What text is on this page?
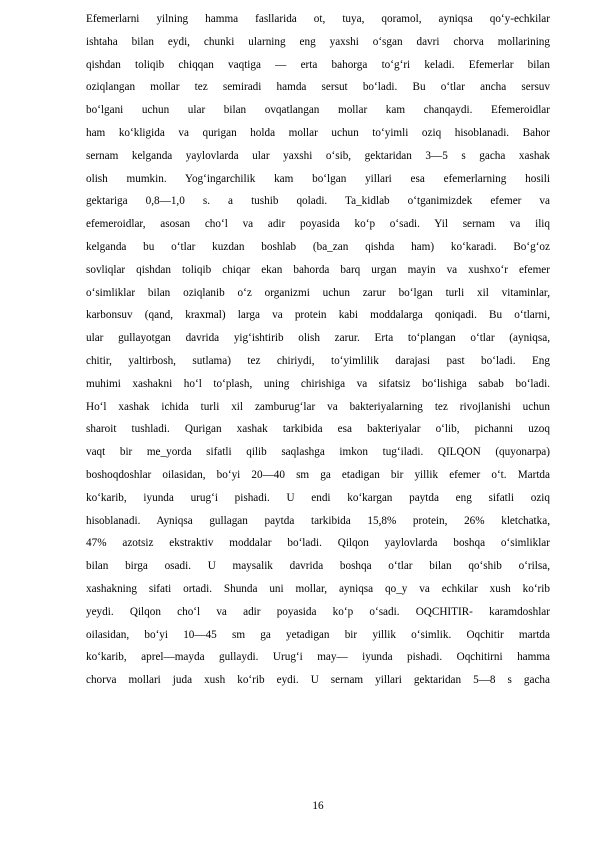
Efemerlarni yilning hamma fasllarida ot, tuya, qoramol, ayniqsa qo‘y-echkilar
ishtaha bilan eydi, chunki ularning eng yaxshi o‘sgan davri chorva mollarining
qishdan toliqib chiqqan vaqtiga — erta bahorga to‘g‘ri keladi. Efemerlar bilan
oziqlangan mollar tez semiradi hamda sersut bo‘ladi. Bu o‘tlar ancha sersuv
bo‘lgani uchun ular bilan ovqatlangan mollar kam chanqaydi. Efemeroidlar
ham ko‘kligida va qurigan holda mollar uchun to‘yimli oziq hisoblanadi. Bahor
sernam kelganda yaylovlarda ular yaxshi o‘sib, gektaridan 3—5 s gacha xashak
olish mumkin. Yog‘ingarchilik kam bo‘lgan yillari esa efemerlarning hosili
gektariga 0,8—1,0 s. a tushib qoladi. Ta_kidlab o‘tganimizdek efemer va
efemeroidlar, asosan cho‘l va adir poyasida ko‘p o‘sadi. Yil sernam va iliq
kelganda bu o‘tlar kuzdan boshlab (ba_zan qishda ham) ko‘karadi. Bo‘g‘oz
sovliqlar qishdan toliqib chiqar ekan bahorda barq urgan mayin va xushxo‘r efemer
o‘simliklar bilan oziqlanib o‘z organizmi uchun zarur bo‘lgan turli xil vitaminlar,
karbonsuv (qand, kraxmal) larga va protein kabi moddalarga qoniqadi. Bu o‘tlarni,
ular gullayotgan davrida yig‘ishtirib olish zarur. Erta to‘plangan o‘tlar (ayniqsa,
chitir, yaltirbosh, sutlama) tez chiriydi, to‘yimlilik darajasi past bo‘ladi. Eng
muhimi xashakni ho‘l to‘plash, uning chirishiga va sifatsiz bo‘lishiga sabab bo‘ladi.
Ho‘l xashak ichida turli xil zamburug‘lar va bakteriyalarning tez rivojlanishi uchun
sharoit tushladi. Qurigan xashak tarkibida esa bakteriyalar o‘lib, pichanni uzoq
vaqt bir me_yorda sifatli qilib saqlashga imkon tug‘iladi. QILQON (quyonarpa)
boshoqdoshlar oilasidan, bo‘yi 20—40 sm ga etadigan bir yillik efemer o‘t. Martda
ko‘karib, iyunda urug‘i pishadi. U endi ko‘kargan paytda eng sifatli oziq
hisoblanadi. Ayniqsa gullagan paytda tarkibida 15,8% protein, 26% kletchatka,
47% azotsiz ekstraktiv moddalar bo‘ladi. Qilqon yaylovlarda boshqa o‘simliklar
bilan birga osadi. U maysalik davrida boshqa o‘tlar bilan qo‘shib o‘rilsa,
xashakning sifati ortadi. Shunda uni mollar, ayniqsa qo_y va echkilar xush ko‘rib
yeydi. Qilqon cho‘l va adir poyasida ko‘p o‘sadi. OQCHITIR- karamdoshlar
oilasidan, bo‘yi 10—45 sm ga yetadigan bir yillik o‘simlik. Oqchitir martda
ko‘karib, aprel—mayda gullaydi. Urug‘i may— iyunda pishadi. Oqchitirni hamma
chorva mollari juda xush ko‘rib eydi. U sernam yillari gektaridan 5—8 s gacha
16
